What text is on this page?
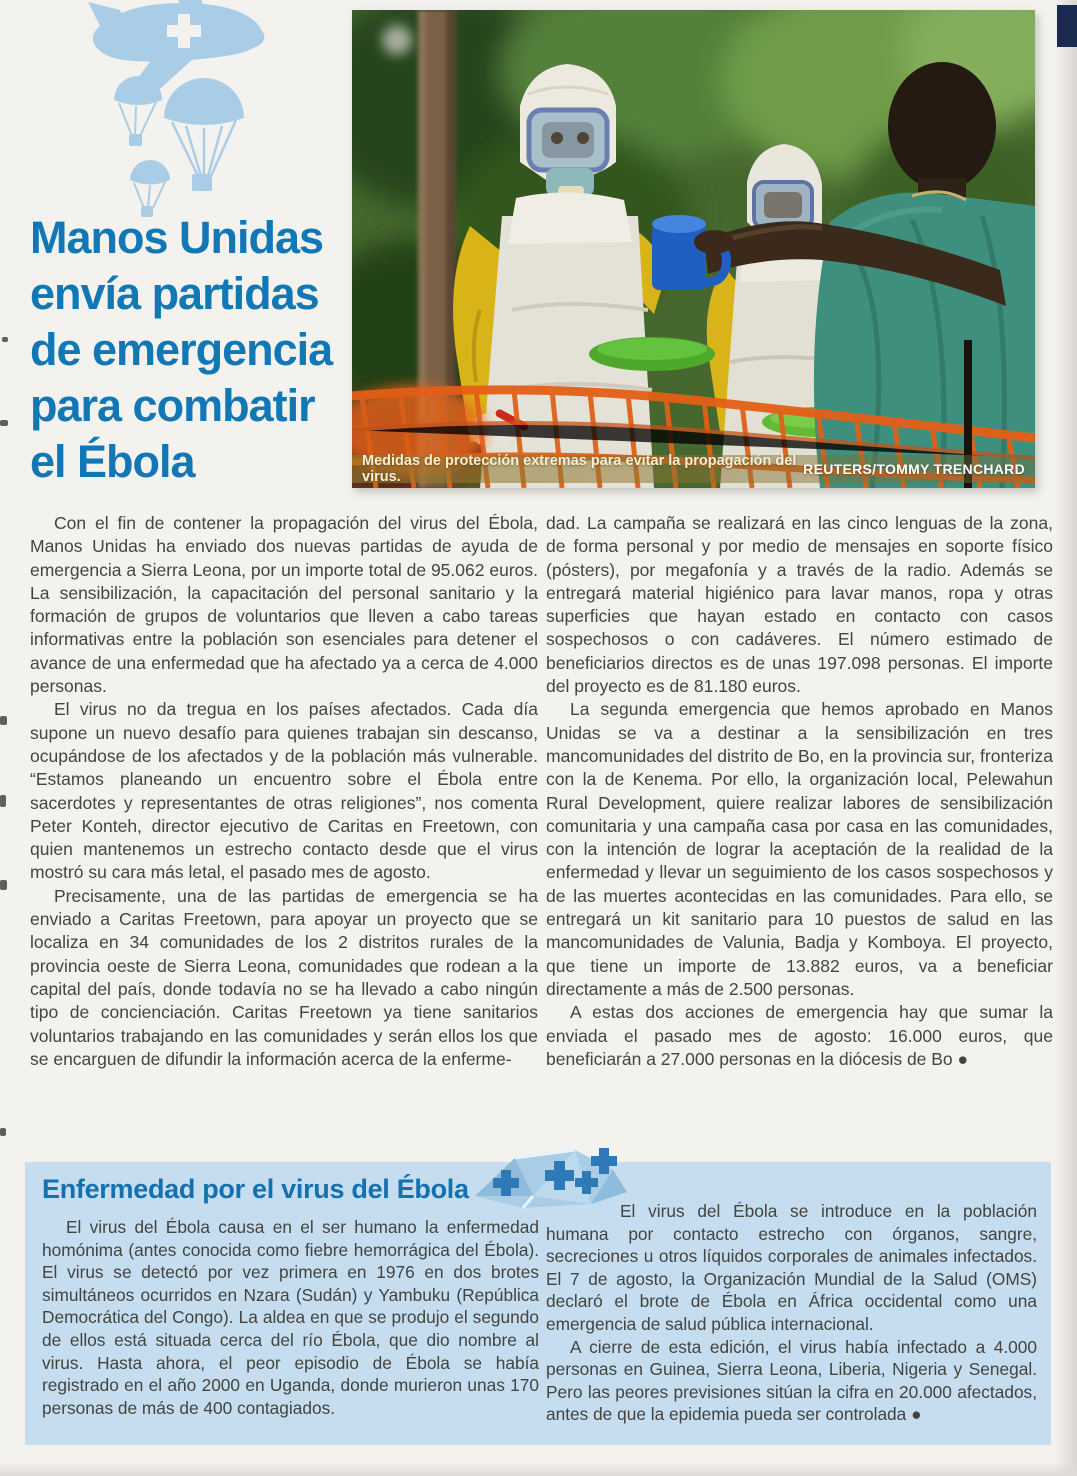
Manos Unidas
envía partidas
de emergencia
para combatir
el Ébola	Medidas de protección extremas para evitar la propagación del virus.	REUTERS/TOMMY TRENCHARD

Con el fin de contener la propagación del virus del Ébola, Manos Unidas ha enviado dos nuevas partidas de ayuda de emergencia a Sierra Leona, por un importe total de 95.062 euros. La sensibilización, la capacitación del personal sanitario y la formación de grupos de voluntarios que lleven a cabo tareas informativas entre la población son esenciales para detener el avance de una enfermedad que ha afectado ya a cerca de 4.000 personas.

El virus no da tregua en los países afectados. Cada día supone un nuevo desafío para quienes trabajan sin descanso, ocupándose de los afectados y de la población más vulnerable. “Estamos planeando un encuentro sobre el Ébola entre sacerdotes y representantes de otras religiones”, nos comenta Peter Konteh, director ejecutivo de Caritas en Freetown, con quien mantenemos un estrecho contacto desde que el virus mostró su cara más letal, el pasado mes de agosto.

Precisamente, una de las partidas de emergencia se ha enviado a Caritas Freetown, para apoyar un proyecto que se localiza en 34 comunidades de los 2 distritos rurales de la provincia oeste de Sierra Leona, comunidades que rodean a la capital del país, donde todavía no se ha llevado a cabo ningún tipo de concienciación. Caritas Freetown ya tiene sanitarios voluntarios trabajando en las comunidades y serán ellos los que se encarguen de difundir la información acerca de la enferme-

dad. La campaña se realizará en las cinco lenguas de la zona, de forma personal y por medio de mensajes en soporte físico (pósters), por megafonía y a través de la radio. Además se entregará material higiénico para lavar manos, ropa y otras superficies que hayan estado en contacto con casos sospechosos o con cadáveres. El número estimado de beneficiarios directos es de unas 197.098 personas. El importe del proyecto es de 81.180 euros.

La segunda emergencia que hemos aprobado en Manos Unidas se va a destinar a la sensibilización en tres mancomunidades del distrito de Bo, en la provincia sur, fronteriza con la de Kenema. Por ello, la organización local, Pelewahun Rural Development, quiere realizar labores de sensibilización comunitaria y una campaña casa por casa en las comunidades, con la intención de lograr la aceptación de la realidad de la enfermedad y llevar un seguimiento de los casos sospechosos y de las muertes acontecidas en las comunidades. Para ello, se entregará un kit sanitario para 10 puestos de salud en las mancomunidades de Valunia, Badja y Komboya. El proyecto, que tiene un importe de 13.882 euros, va a beneficiar directamente a más de 2.500 personas.

A estas dos acciones de emergencia hay que sumar la enviada el pasado mes de agosto: 16.000 euros, que beneficiarán a 27.000 personas en la diócesis de Bo ●

Enfermedad por el virus del Ébola

El virus del Ébola causa en el ser humano la enfermedad homónima (antes conocida como fiebre hemorrágica del Ébola). El virus se detectó por vez primera en 1976 en dos brotes simultáneos ocurridos en Nzara (Sudán) y Yambuku (República Democrática del Congo). La aldea en que se produjo el segundo de ellos está situada cerca del río Ébola, que dio nombre al virus. Hasta ahora, el peor episodio de Ébola se había registrado en el año 2000 en Uganda, donde murieron unas 170 personas de más de 400 contagiados.

El virus del Ébola se introduce en la población humana por contacto estrecho con órganos, sangre, secreciones u otros líquidos corporales de animales infectados. El 7 de agosto, la Organización Mundial de la Salud (OMS) declaró el brote de Ébola en África occidental como una emergencia de salud pública internacional.

A cierre de esta edición, el virus había infectado a 4.000 personas en Guinea, Sierra Leona, Liberia, Nigeria y Senegal. Pero las peores previsiones sitúan la cifra en 20.000 afectados, antes de que la epidemia pueda ser controlada ●
